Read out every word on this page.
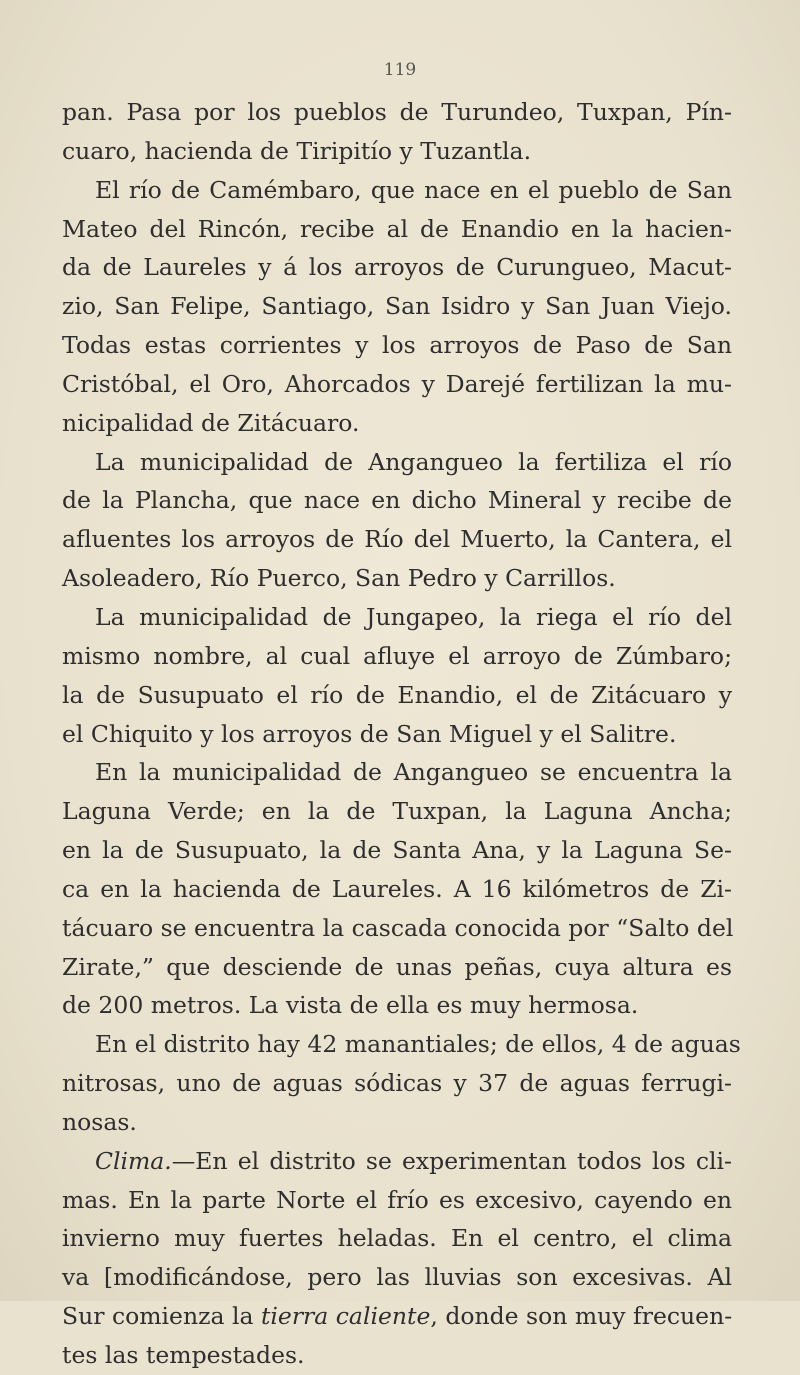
119
pan. Pasa por los pueblos de Turundeo, Tuxpan, Pín-
cuaro, hacienda de Tiripitío y Tuzantla.
El río de Camémbaro, que nace en el pueblo de San
Mateo del Rincón, recibe al de Enandio en la hacien-
da de Laureles y á los arroyos de Curungueo, Macut-
zio, San Felipe, Santiago, San Isidro y San Juan Viejo.
Todas estas corrientes y los arroyos de Paso de San
Cristóbal, el Oro, Ahorcados y Darejé fertilizan la mu-
nicipalidad de Zitácuaro.
La municipalidad de Angangueo la fertiliza el río
de la Plancha, que nace en dicho Mineral y recibe de
afluentes los arroyos de Río del Muerto, la Cantera, el
Asoleadero, Río Puerco, San Pedro y Carrillos.
La municipalidad de Jungapeo, la riega el río del
mismo nombre, al cual afluye el arroyo de Zúmbaro;
la de Susupuato el río de Enandio, el de Zitácuaro y
el Chiquito y los arroyos de San Miguel y el Salitre.
En la municipalidad de Angangueo se encuentra la
Laguna Verde; en la de Tuxpan, la Laguna Ancha;
en la de Susupuato, la de Santa Ana, y la Laguna Se-
ca en la hacienda de Laureles. A 16 kilómetros de Zi-
tácuaro se encuentra la cascada conocida por “Salto del
Zirate,” que desciende de unas peñas, cuya altura es
de 200 metros. La vista de ella es muy hermosa.
En el distrito hay 42 manantiales; de ellos, 4 de aguas
nitrosas, uno de aguas sódicas y 37 de aguas ferrugi-
nosas.

Clima.—En el distrito se experimentan todos los cli-

mas. En la parte Norte el frío es excesivo, cayendo en
invierno muy fuertes heladas. En el centro, el clima
va [modificándose, pero las lluvias son excesivas. Al
Sur comienza la tierra caliente, donde son muy frecuen-
tes las tempestades.
